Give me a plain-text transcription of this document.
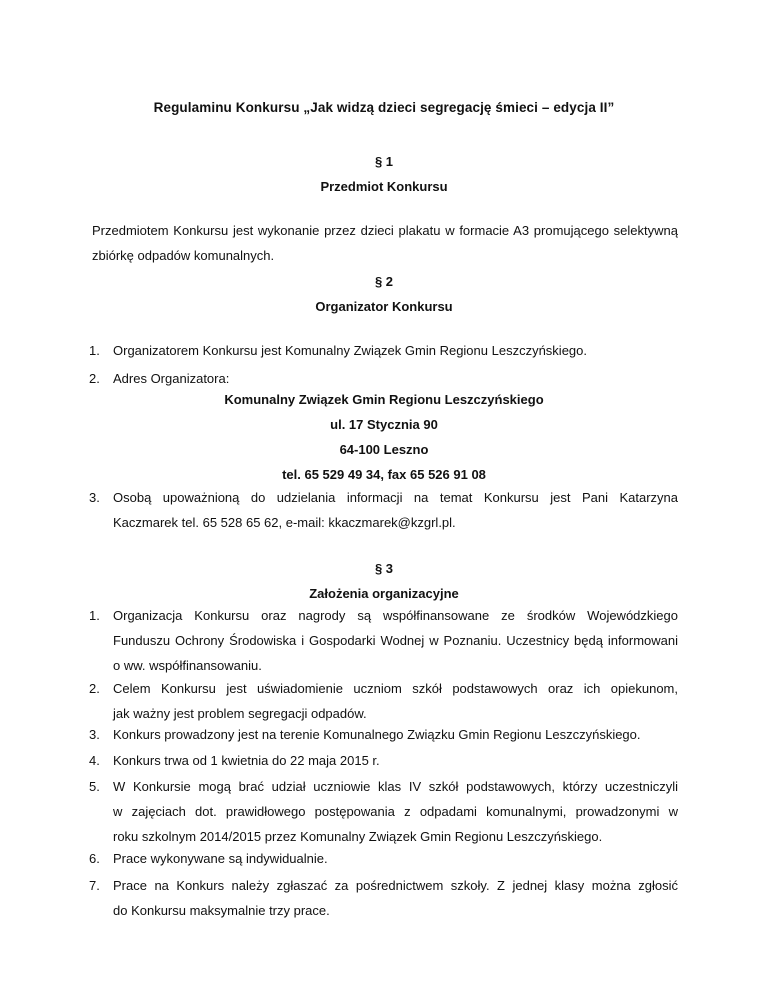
Regulaminu Konkursu „Jak widzą dzieci segregację śmieci – edycja II”
§ 1
Przedmiot Konkursu
Przedmiotem Konkursu jest wykonanie przez dzieci plakatu w formacie A3 promującego selektywną
zbiórkę odpadów komunalnych.
§ 2
Organizator Konkursu
1.	Organizatorem Konkursu jest Komunalny Związek Gmin Regionu Leszczyńskiego.
2.	Adres Organizatora:
Komunalny Związek Gmin Regionu Leszczyńskiego
ul. 17 Stycznia 90
64-100 Leszno
tel. 65 529 49 34, fax 65 526 91 08
3.	Osobą upoważnioną do udzielania informacji na temat Konkursu jest Pani Katarzyna
Kaczmarek tel. 65 528 65 62, e-mail: kkaczmarek@kzgrl.pl.
§ 3
Założenia organizacyjne
1.	Organizacja Konkursu oraz nagrody są współfinansowane ze środków Wojewódzkiego
Funduszu Ochrony Środowiska i Gospodarki Wodnej w Poznaniu. Uczestnicy będą informowani
o ww. współfinansowaniu.
2.	Celem Konkursu jest uświadomienie uczniom szkół podstawowych oraz ich opiekunom,
jak ważny jest problem segregacji odpadów.
3.	Konkurs prowadzony jest na terenie Komunalnego Związku Gmin Regionu Leszczyńskiego.
4.	Konkurs trwa od 1 kwietnia do 22 maja 2015 r.
5.	W Konkursie mogą brać udział uczniowie klas IV szkół podstawowych, którzy uczestniczyli
w zajęciach dot. prawidłowego postępowania z odpadami komunalnymi, prowadzonymi w
roku szkolnym 2014/2015 przez Komunalny Związek Gmin Regionu Leszczyńskiego.
6.	Prace wykonywane są indywidualnie.
7.	Prace na Konkurs należy zgłaszać za pośrednictwem szkoły. Z jednej klasy można zgłosić
do Konkursu maksymalnie trzy prace.
